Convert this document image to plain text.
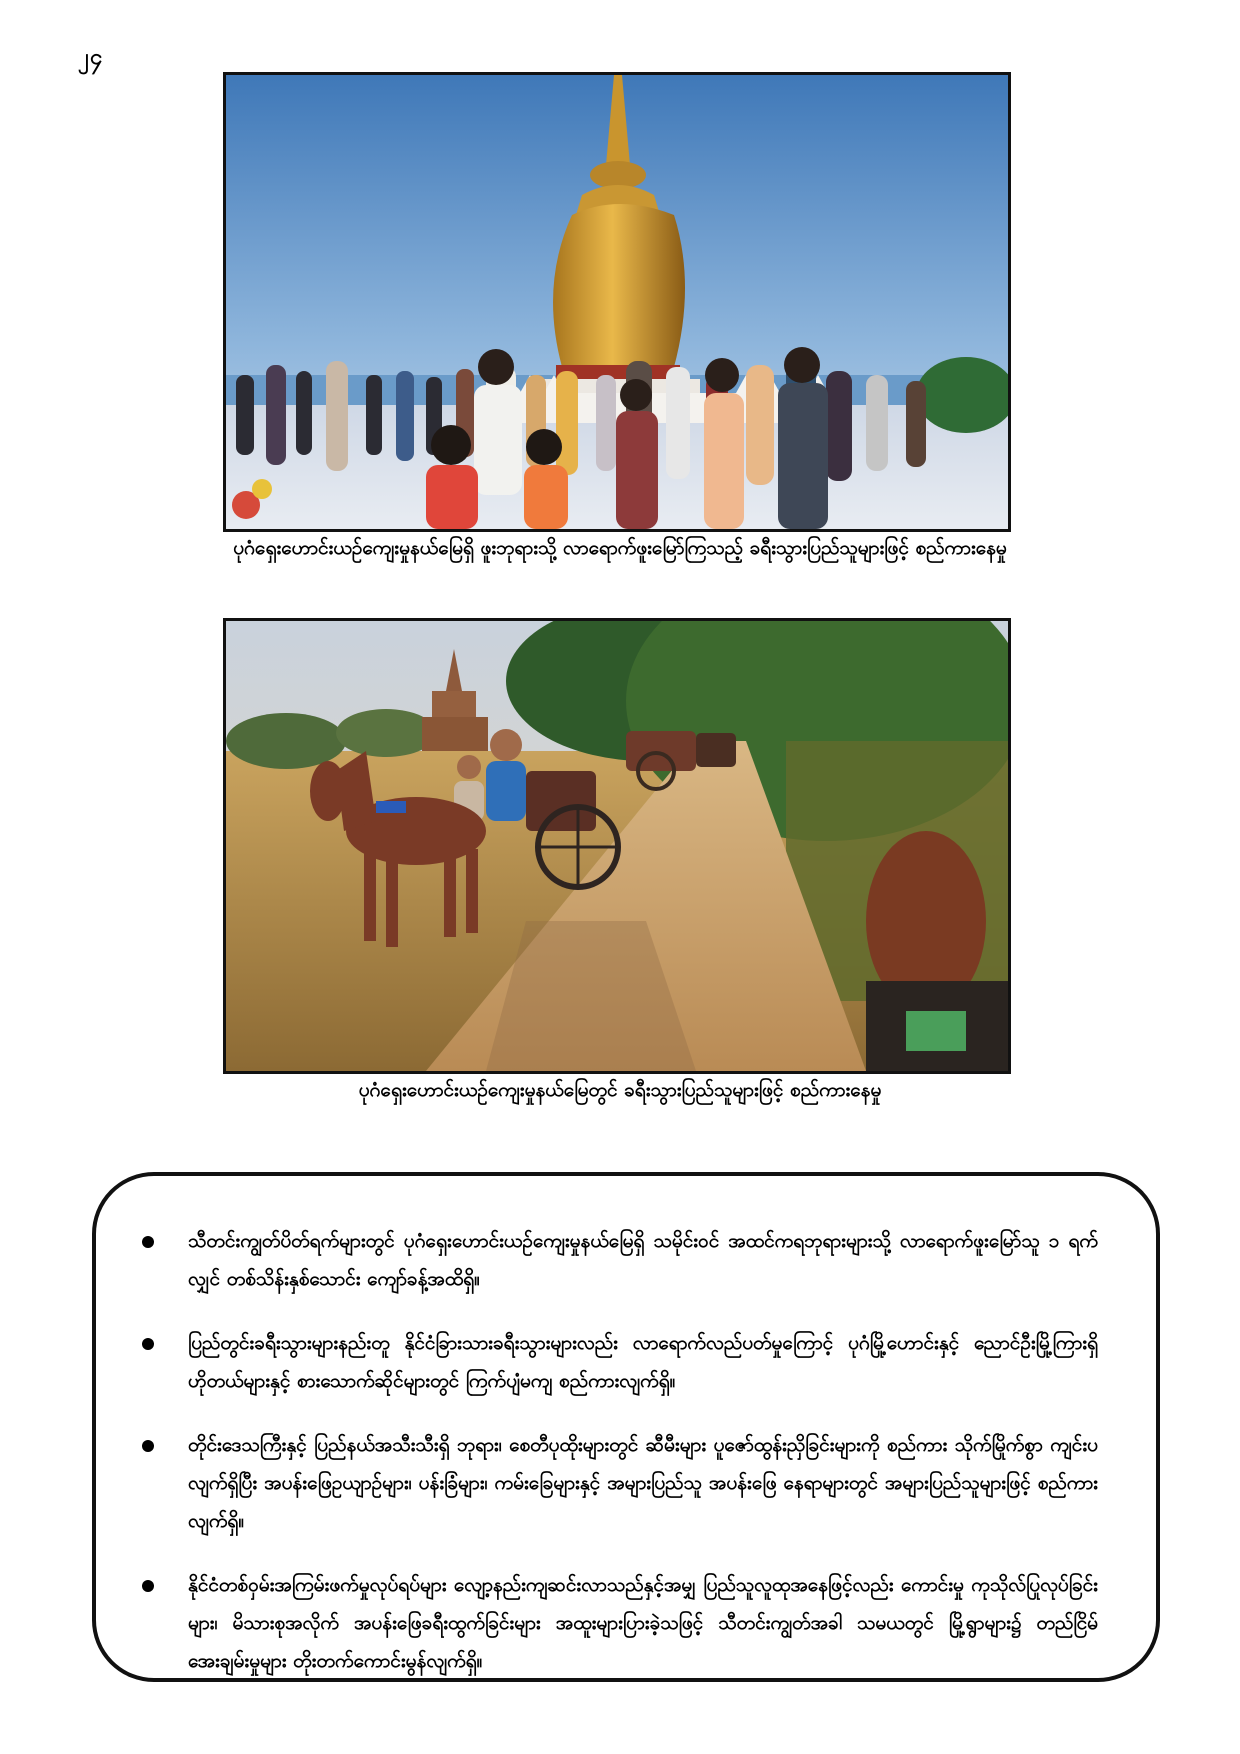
၂၄
ပုဂံရှေးဟောင်းယဉ်ကျေးမှုနယ်မြေရှိ ဖူးဘုရားသို့ လာရောက်ဖူးမြော်ကြသည့် ခရီးသွားပြည်သူများဖြင့် စည်ကားနေမှု
ပုဂံရှေးဟောင်းယဉ်ကျေးမှုနယ်မြေတွင် ခရီးသွားပြည်သူများဖြင့် စည်ကားနေမှု
သီတင်းကျွတ်ပိတ်ရက်များတွင် ပုဂံရှေးဟောင်းယဉ်ကျေးမှုနယ်မြေရှိ သမိုင်းဝင် အထင်ကရဘုရားများသို့ လာရောက်ဖူးမြော်သူ ၁ ရက်လျှင် တစ်သိန်းနှစ်သောင်း ကျော်ခန့်အထိရှိ။
ပြည်တွင်းခရီးသွားများနည်းတူ နိုင်ငံခြားသားခရီးသွားများလည်း လာရောက်လည်ပတ်မှုကြောင့် ပုဂံမြို့ဟောင်းနှင့် ညောင်ဦးမြို့ကြားရှိ ဟိုတယ်များနှင့် စားသောက်ဆိုင်များတွင် ကြက်ပျံမကျ စည်ကားလျက်ရှိ။
တိုင်းဒေသကြီးနှင့် ပြည်နယ်အသီးသီးရှိ ဘုရား၊ စေတီပုထိုးများတွင် ဆီမီးများ ပူဇော်ထွန်းညှိခြင်းများကို စည်ကား သိုက်မြိုက်စွာ ကျင်းပလျက်ရှိပြီး အပန်းဖြေဥယျာဉ်များ၊ ပန်းခြံများ၊ ကမ်းခြေများနှင့် အများပြည်သူ အပန်းဖြေ နေရာများတွင် အများပြည်သူများဖြင့် စည်ကားလျက်ရှိ။
နိုင်ငံတစ်ဝှမ်းအကြမ်းဖက်မှုလုပ်ရပ်များ လျော့နည်းကျဆင်းလာသည်နှင့်အမျှ ပြည်သူလူထုအနေဖြင့်လည်း ကောင်းမှု ကုသိုလ်ပြုလုပ်ခြင်းများ၊ မိသားစုအလိုက် အပန်းဖြေခရီးထွက်ခြင်းများ အထူးများပြားခဲ့သဖြင့် သီတင်းကျွတ်အခါ သမယတွင် မြို့ရွာများ၌ တည်ငြိမ်အေးချမ်းမှုများ တိုးတက်ကောင်းမွန်လျက်ရှိ။
